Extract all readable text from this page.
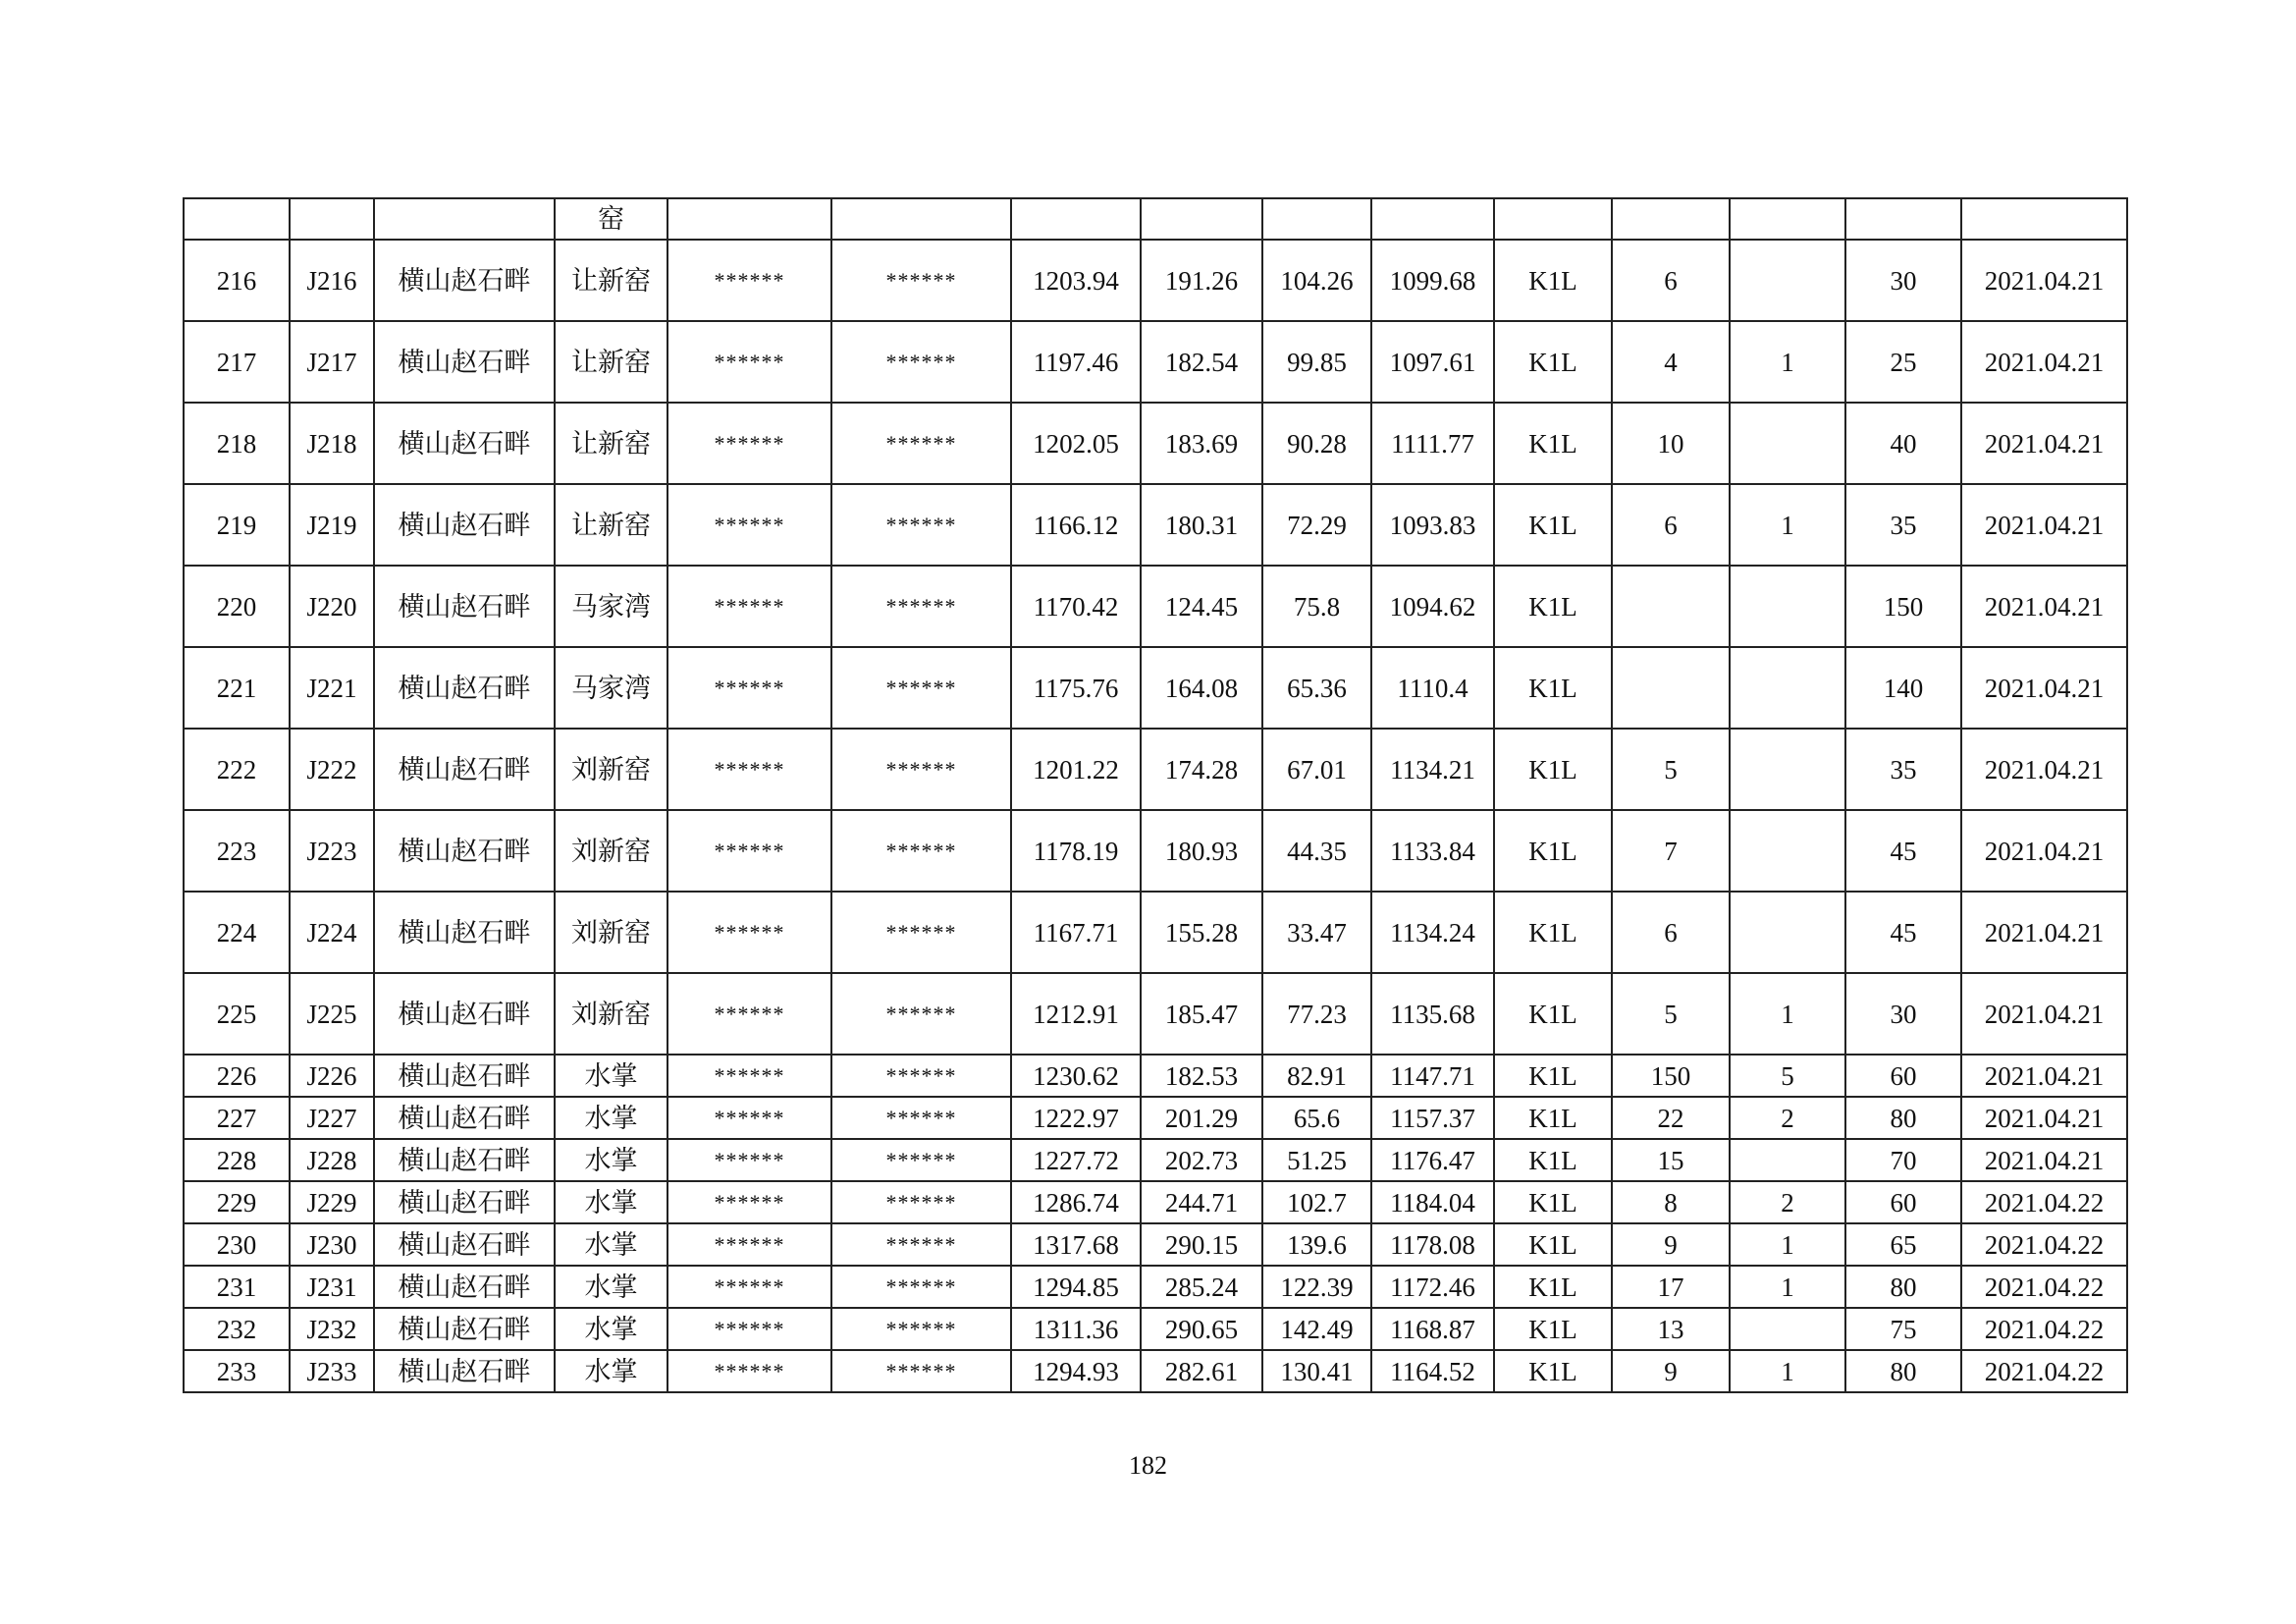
			窑											
216	J216	横山赵石畔	让新窑	******	******	1203.94	191.26	104.26	1099.68	K1L	6		30	2021.04.21
217	J217	横山赵石畔	让新窑	******	******	1197.46	182.54	99.85	1097.61	K1L	4	1	25	2021.04.21
218	J218	横山赵石畔	让新窑	******	******	1202.05	183.69	90.28	1111.77	K1L	10		40	2021.04.21
219	J219	横山赵石畔	让新窑	******	******	1166.12	180.31	72.29	1093.83	K1L	6	1	35	2021.04.21
220	J220	横山赵石畔	马家湾	******	******	1170.42	124.45	75.8	1094.62	K1L			150	2021.04.21
221	J221	横山赵石畔	马家湾	******	******	1175.76	164.08	65.36	1110.4	K1L			140	2021.04.21
222	J222	横山赵石畔	刘新窑	******	******	1201.22	174.28	67.01	1134.21	K1L	5		35	2021.04.21
223	J223	横山赵石畔	刘新窑	******	******	1178.19	180.93	44.35	1133.84	K1L	7		45	2021.04.21
224	J224	横山赵石畔	刘新窑	******	******	1167.71	155.28	33.47	1134.24	K1L	6		45	2021.04.21
225	J225	横山赵石畔	刘新窑	******	******	1212.91	185.47	77.23	1135.68	K1L	5	1	30	2021.04.21
226	J226	横山赵石畔	水掌	******	******	1230.62	182.53	82.91	1147.71	K1L	150	5	60	2021.04.21
227	J227	横山赵石畔	水掌	******	******	1222.97	201.29	65.6	1157.37	K1L	22	2	80	2021.04.21
228	J228	横山赵石畔	水掌	******	******	1227.72	202.73	51.25	1176.47	K1L	15		70	2021.04.21
229	J229	横山赵石畔	水掌	******	******	1286.74	244.71	102.7	1184.04	K1L	8	2	60	2021.04.22
230	J230	横山赵石畔	水掌	******	******	1317.68	290.15	139.6	1178.08	K1L	9	1	65	2021.04.22
231	J231	横山赵石畔	水掌	******	******	1294.85	285.24	122.39	1172.46	K1L	17	1	80	2021.04.22
232	J232	横山赵石畔	水掌	******	******	1311.36	290.65	142.49	1168.87	K1L	13		75	2021.04.22
233	J233	横山赵石畔	水掌	******	******	1294.93	282.61	130.41	1164.52	K1L	9	1	80	2021.04.22
182
